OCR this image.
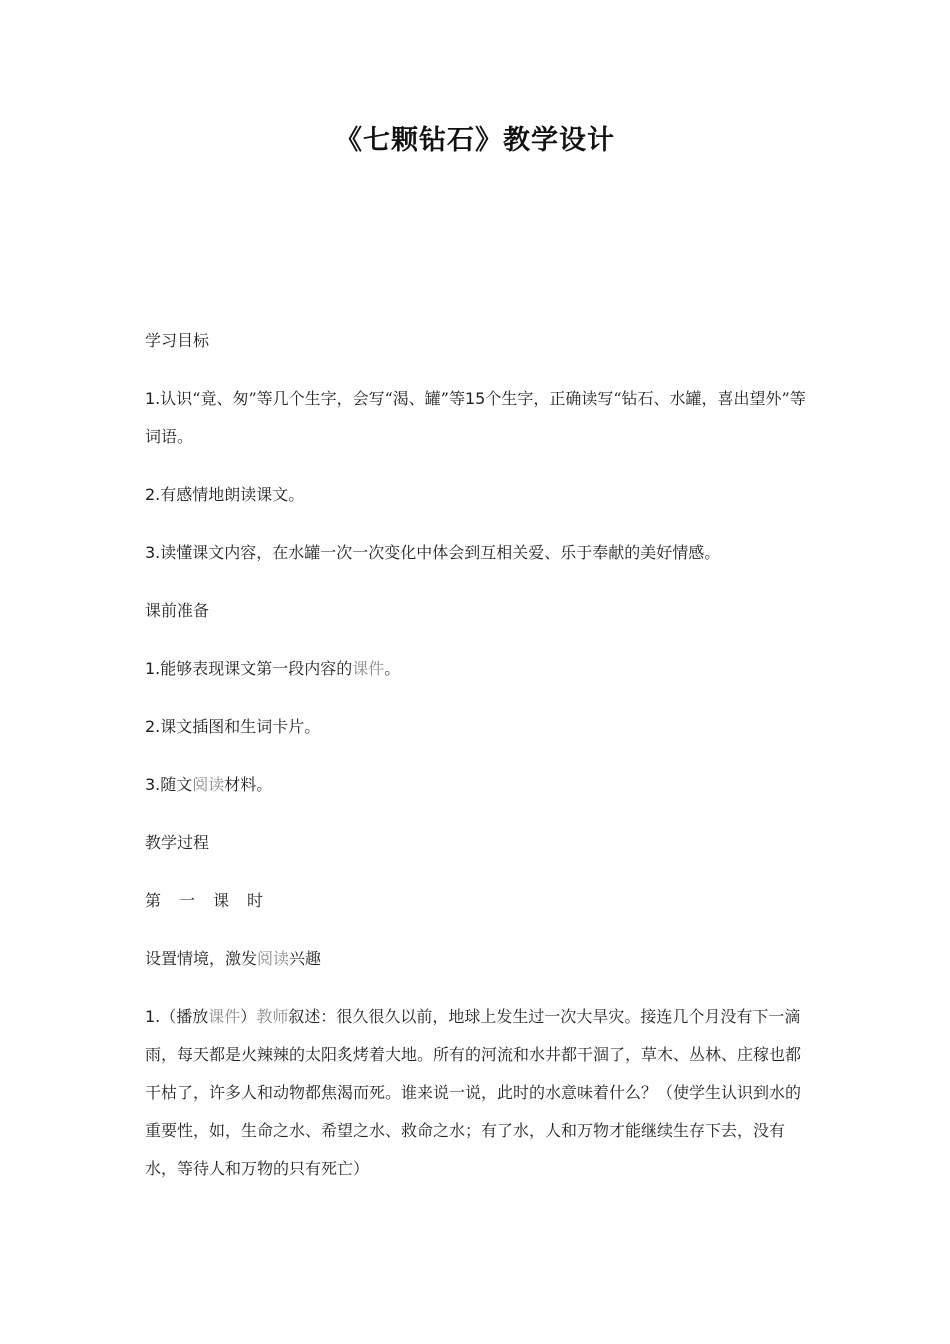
《七颗钻石》教学设计

学习目标

1.认识“竟、匆”等几个生字，会写“渴、罐”等15个生字，正确读写“钻石、水罐，喜出望外”等词语。

2.有感情地朗读课文。

3.读懂课文内容，在水罐一次一次变化中体会到互相关爱、乐于奉献的美好情感。

课前准备

1.能够表现课文第一段内容的课件。

2.课文插图和生词卡片。

3.随文阅读材料。

教学过程

第 一 课 时

设置情境，激发阅读兴趣

1.（播放课件）教师叙述：很久很久以前，地球上发生过一次大旱灾。接连几个月没有下一滴雨，每天都是火辣辣的太阳炙烤着大地。所有的河流和水井都干涸了，草木、丛林、庄稼也都干枯了，许多人和动物都焦渴而死。谁来说一说，此时的水意味着什么？（使学生认识到水的重要性，如，生命之水、希望之水、救命之水；有了水，人和万物才能继续生存下去，没有水，等待人和万物的只有死亡）
